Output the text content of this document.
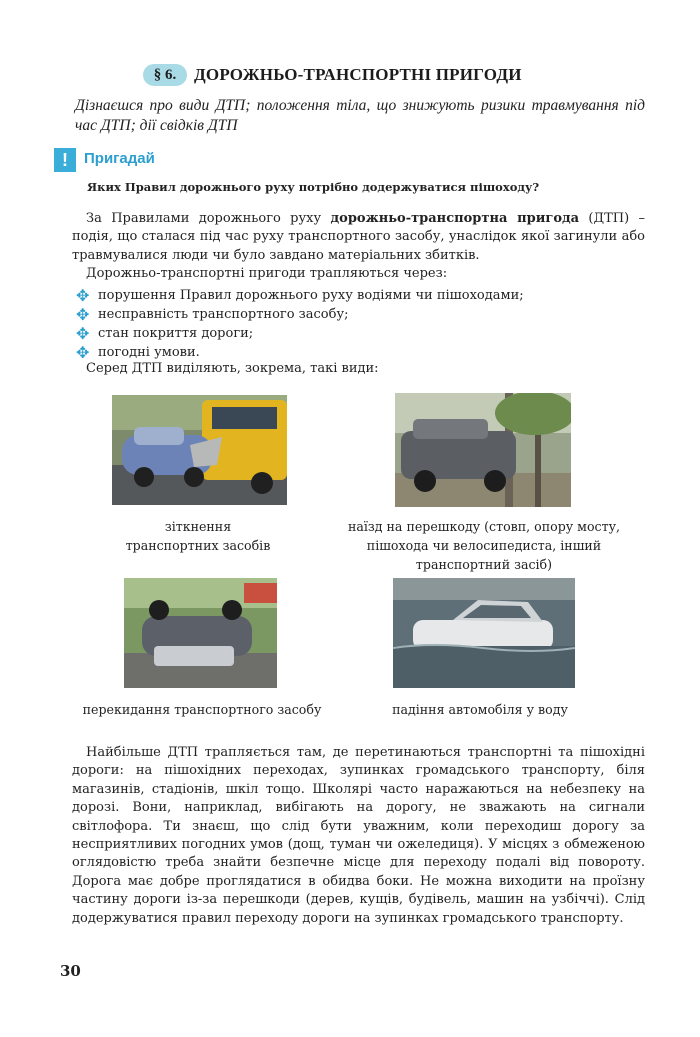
§ 6.	ДОРОЖНЬО-ТРАНСПОРТНІ ПРИГОДИ
Дізнаєшся про види ДТП; положення тіла, що знижують ризики травмування під час ДТП; дії свідків ДТП
!	Пригадай
Яких Правил дорожнього руху потрібно додержуватися пішоходу?
За Правилами дорожнього руху дорожньо-транспортна пригода (ДТП) – подія, що сталася під час руху транспортного засобу, унаслідок якої загинули або травмувалися люди чи було завдано матеріальних збитків.
Дорожньо-транспортні пригоди трапляються через:
✥ порушення Правил дорожнього руху водіями чи пішоходами;
✥ несправність транспортного засобу;
✥ стан покриття дороги;
✥ погодні умови.
Серед ДТП виділяють, зокрема, такі види:
зіткнення транспортних засобів
наїзд на перешкоду (стовп, опору мосту, пішохода чи велосипедиста, інший транспортний засіб)
перекидання транспортного засобу	падіння автомобіля у воду
Найбільше ДТП трапляється там, де перетинаються транспортні та пішохідні дороги: на пішохідних переходах, зупинках громадського транспорту, біля магазинів, стадіонів, шкіл тощо. Школярі часто наражаються на небезпеку на дорозі. Вони, наприклад, вибігають на дорогу, не зважають на сигнали світлофора. Ти знаєш, що слід бути уважним, коли переходиш дорогу за несприятливих погодних умов (дощ, туман чи ожеледиця). У місцях з обмеженою оглядовістю треба знайти безпечне місце для переходу подалі від повороту. Дорога має добре проглядатися в обидва боки. Не можна виходити на проїзну частину дороги із-за перешкоди (дерев, кущів, будівель, машин на узбіччі). Слід додержуватися правил переходу дороги на зупинках громадського транспорту.
30
